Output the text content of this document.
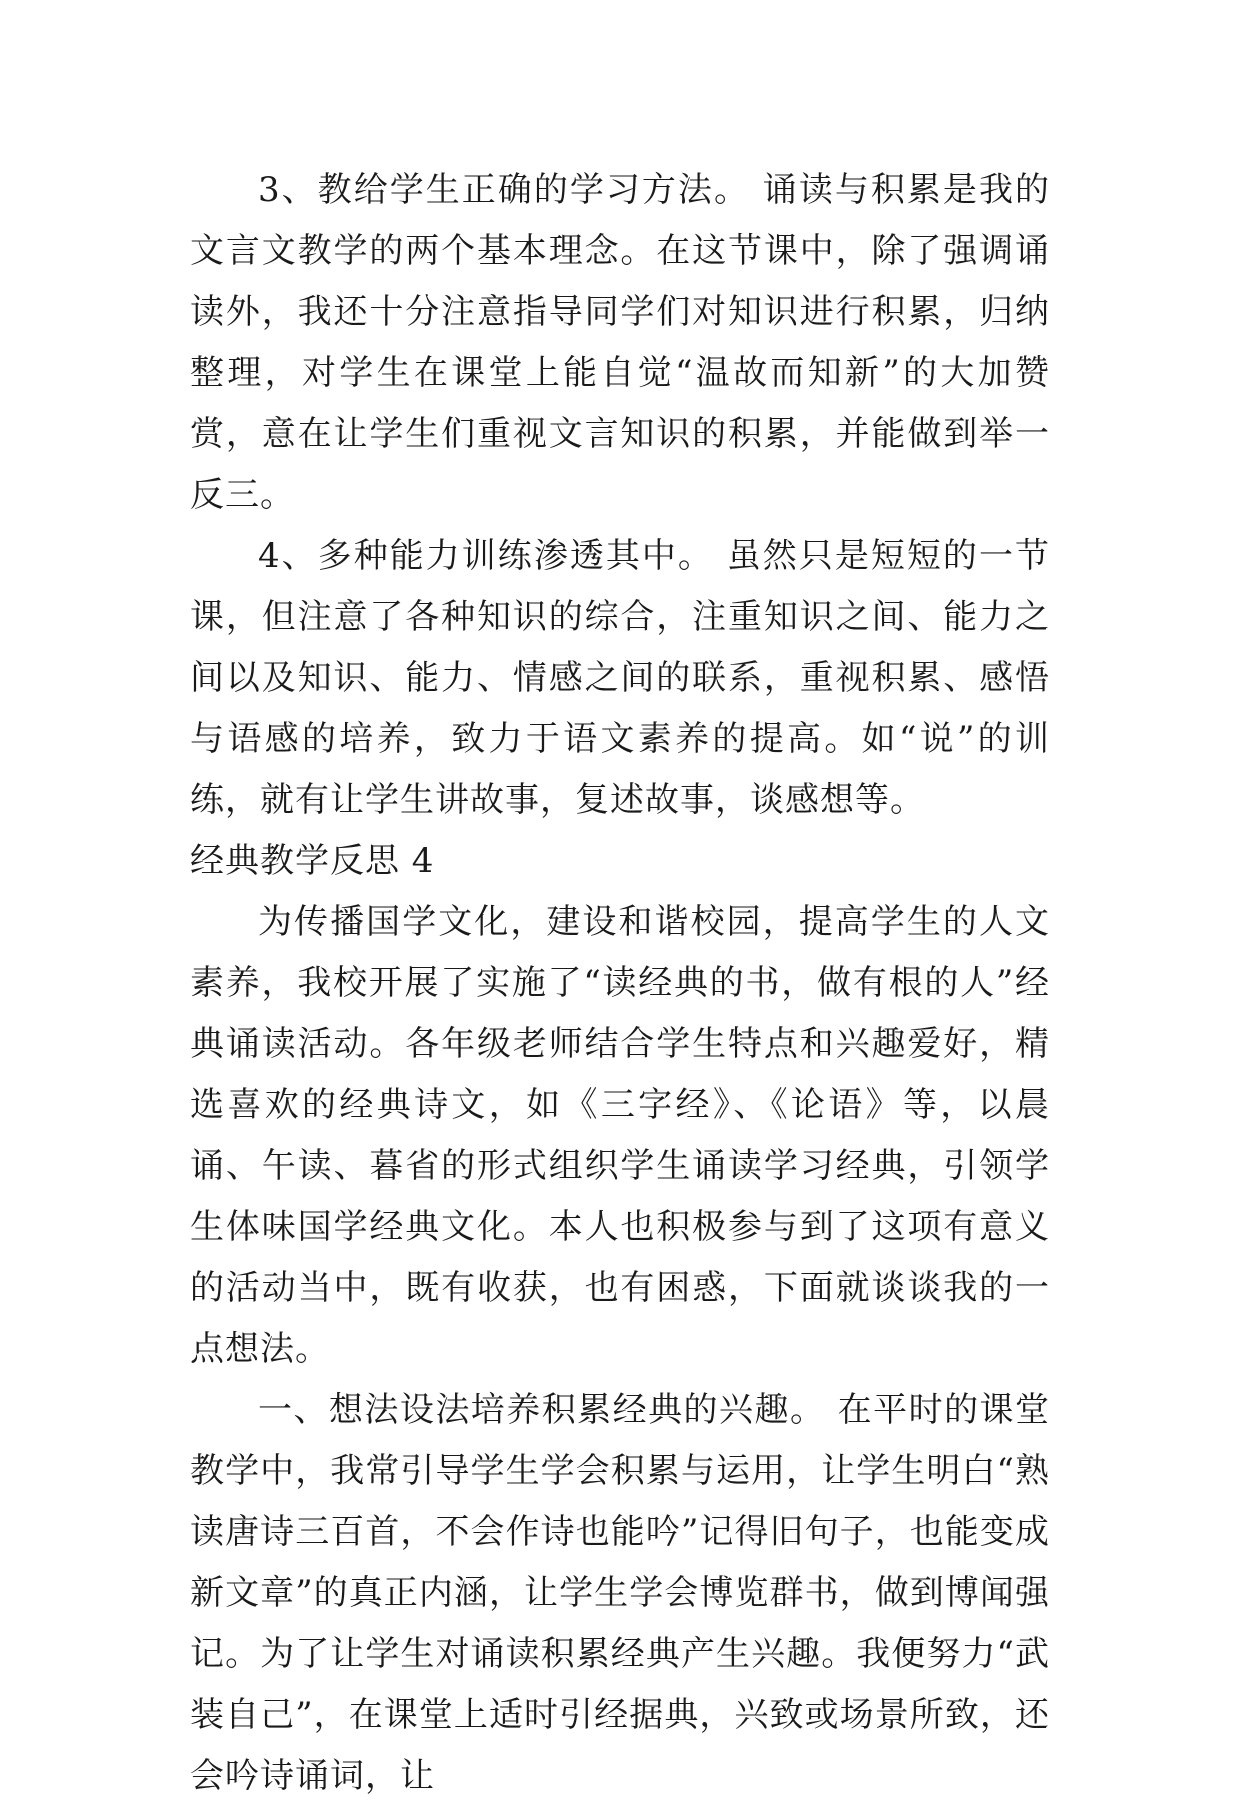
3、教给学生正确的学习方法。 诵读与积累是我的文言文教学的两个基本理念。在这节课中，除了强调诵读外，我还十分注意指导同学们对知识进行积累，归纳整理，对学生在课堂上能自觉“温故而知新”的大加赞赏，意在让学生们重视文言知识的积累，并能做到举一反三。

4、多种能力训练渗透其中。 虽然只是短短的一节课，但注意了各种知识的综合，注重知识之间、能力之间以及知识、能力、情感之间的联系，重视积累、感悟与语感的培养，致力于语文素养的提高。如“说”的训练，就有让学生讲故事，复述故事，谈感想等。

经典教学反思 4

为传播国学文化，建设和谐校园，提高学生的人文素养，我校开展了实施了“读经典的书，做有根的人”经典诵读活动。各年级老师结合学生特点和兴趣爱好，精选喜欢的经典诗文，如《三字经》、《论语》等，以晨诵、午读、暮省的形式组织学生诵读学习经典，引领学生体味国学经典文化。本人也积极参与到了这项有意义的活动当中，既有收获，也有困惑，下面就谈谈我的一点想法。

一、想法设法培养积累经典的兴趣。 在平时的课堂教学中，我常引导学生学会积累与运用，让学生明白“熟读唐诗三百首，不会作诗也能吟”记得旧句子，也能变成新文章”的真正内涵，让学生学会博览群书，做到博闻强记。为了让学生对诵读积累经典产生兴趣。我便努力“武装自己”，在课堂上适时引经据典，兴致或场景所致，还会吟诗诵词，让
